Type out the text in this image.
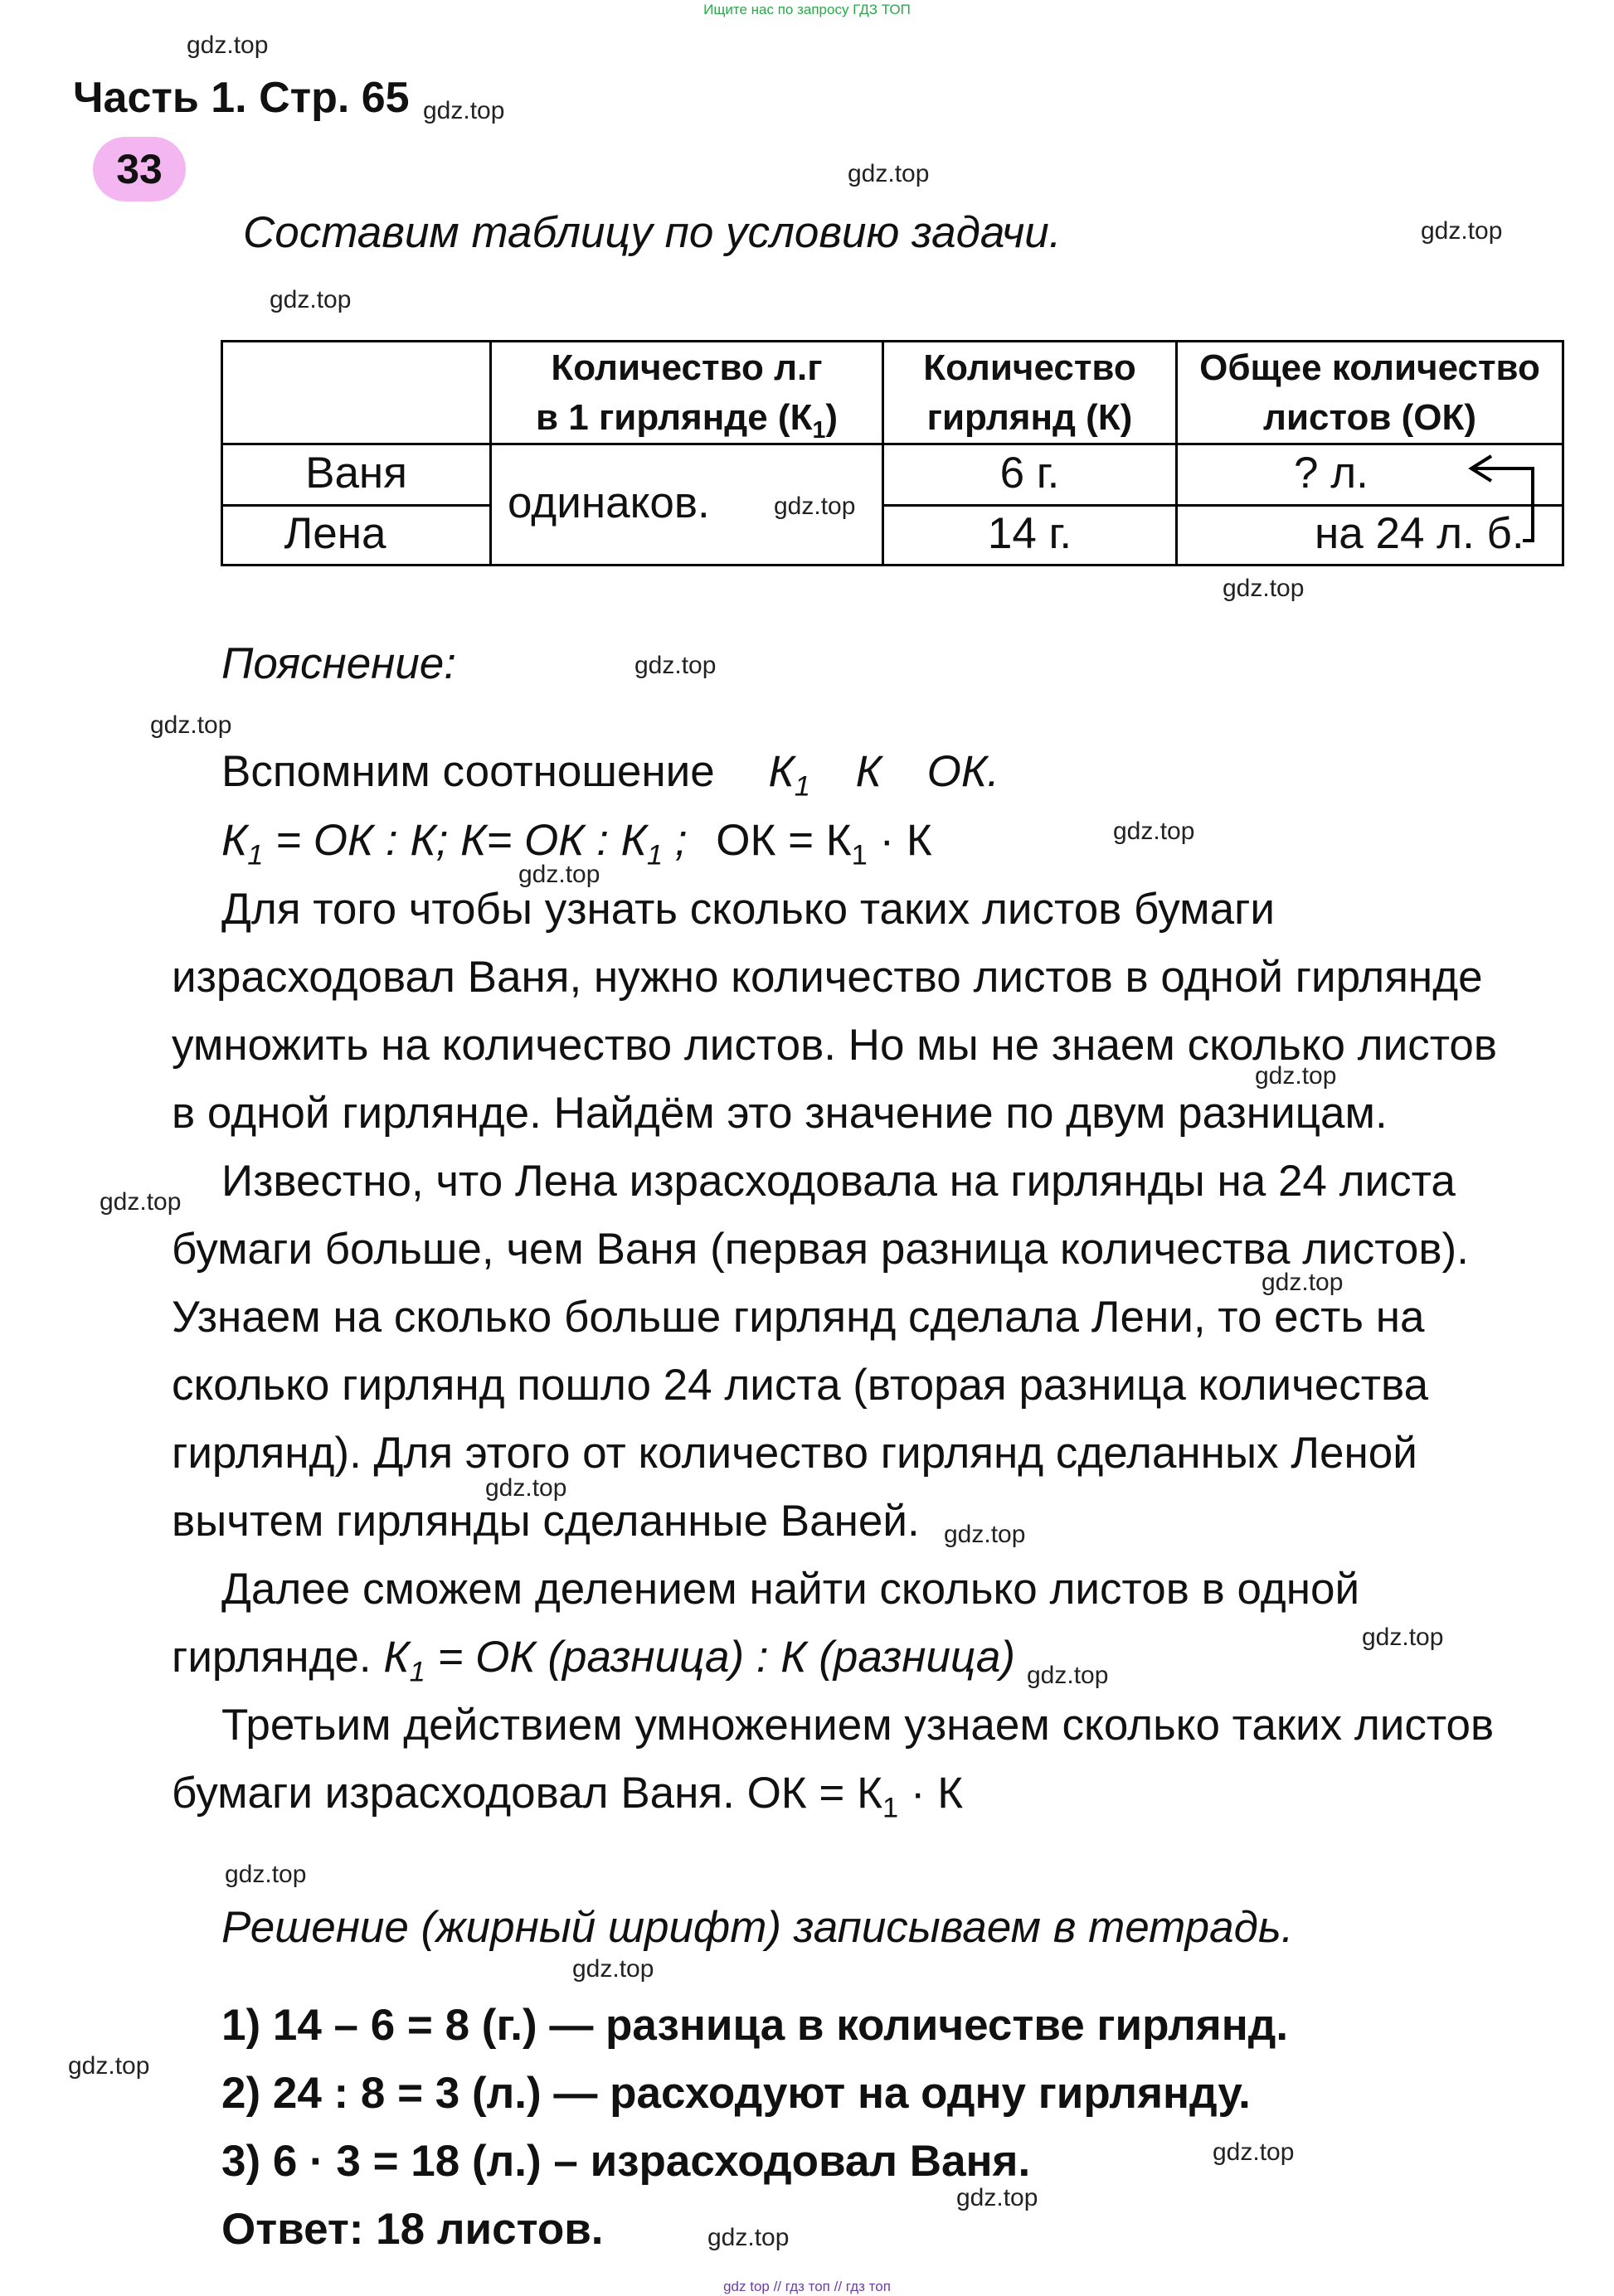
Ищите нас по запросу ГДЗ ТОП
gdz.top
gdz.top
gdz.top
gdz.top
gdz.top
gdz.top
gdz.top
gdz.top
gdz.top
gdz.top
gdz.top
gdz.top
gdz.top
gdz.top
gdz.top
gdz.top
gdz.top
gdz.top
gdz.top
gdz.top
gdz.top
gdz.top
gdz.top
gdz.top
Часть 1. Стр. 65
33
Составим таблицу по условию задачи.
Количество л.г
в 1 гирлянде $(К_1)$
Количество
гирлянд (К)
Общее количество
листов (ОК)
Ваня
Лена
одинаков.
6 г.
14 г.
? л.
на 24 л. б.
Пояснение:
Вспомним соотношение $К_1$ К ОК.
$К_1$ = ОК : К; К= ОК : $К_1$ ; ОК = $К_1 \cdot К$
Для того чтобы узнать сколько таких листов бумаги
израсходовал Ваня, нужно количество листов в одной гирлянде
умножить на количество листов. Но мы не знаем сколько листов
в одной гирлянде. Найдём это значение по двум разницам.
Известно, что Лена израсходовала на гирлянды на 24 листа
бумаги больше, чем Ваня (первая разница количества листов).
Узнаем на сколько больше гирлянд сделала Лени, то есть на
сколько гирлянд пошло 24 листа (вторая разница количества
гирлянд). Для этого от количество гирлянд сделанных Леной
вычтем гирлянды сделанные Ваней.
Далее сможем делением найти сколько листов в одной
гирлянде. $К_1$ = ОК (разница) : К (разница)
Третьим действием умножением узнаем сколько таких листов
бумаги израсходовал Ваня. ОК = $К_1 \cdot К$
Решение (жирный шрифт) записываем в тетрадь.
1) 14 – 6 = 8 (г.) — разница в количестве гирлянд.
2) 24 : 8 = 3 (л.) — расходуют на одну гирлянду.
3) 6 · 3 = 18 (л.) – израсходовал Ваня.
Ответ: 18 листов.
gdz top // гдз топ // гдз топ
